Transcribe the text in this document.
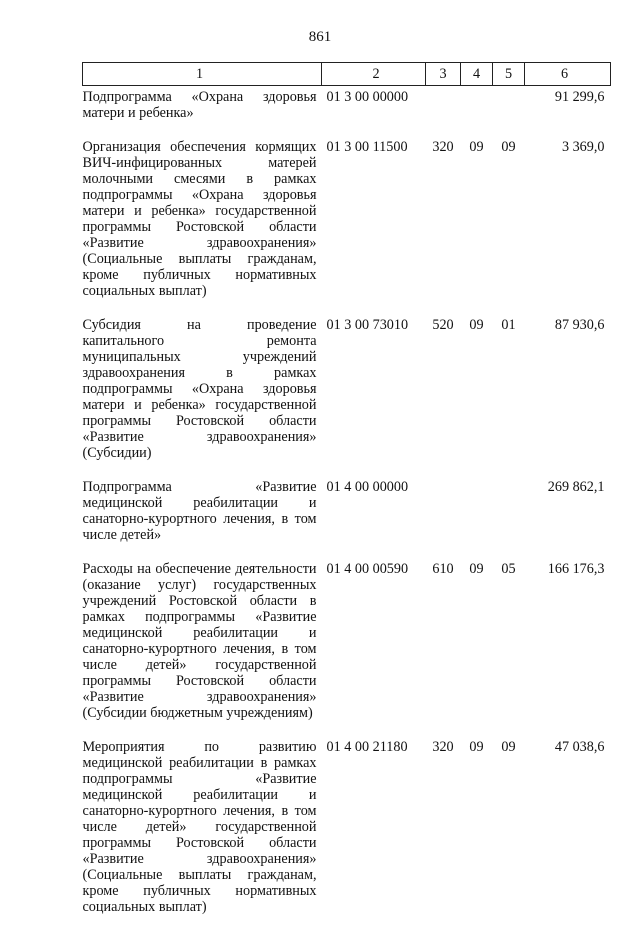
861
1	2	3	4	5	6
Подпрограмма «Охрана здоровья матери и ребенка»	01 3 00 00000				91 299,6
Организация обеспечения кормящих ВИЧ-инфицированных матерей молочными смесями в рамках подпрограммы «Охрана здоровья матери и ребенка» государственной программы Ростовской области «Развитие здравоохранения» (Социальные выплаты гражданам, кроме публичных нормативных социальных выплат)	01 3 00 11500	320	09	09	3 369,0
Субсидия на проведение капитального ремонта муниципальных учреждений здравоохранения в рамках подпрограммы «Охрана здоровья матери и ребенка» государственной программы Ростовской области «Развитие здравоохранения» (Субсидии)	01 3 00 73010	520	09	01	87 930,6
Подпрограмма «Развитие медицинской реабилитации и санаторно-курортного лечения, в том числе детей»	01 4 00 00000				269 862,1
Расходы на обеспечение деятельности (оказание услуг) государственных учреждений Ростовской области в рамках подпрограммы «Развитие медицинской реабилитации и санаторно-курортного лечения, в том числе детей» государственной программы Ростовской области «Развитие здравоохранения» (Субсидии бюджетным учреждениям)	01 4 00 00590	610	09	05	166 176,3
Мероприятия по развитию медицинской реабилитации в рамках подпрограммы «Развитие медицинской реабилитации и санаторно-курортного лечения, в том числе детей» государственной программы Ростовской области «Развитие здравоохранения» (Социальные выплаты гражданам, кроме публичных нормативных социальных выплат)	01 4 00 21180	320	09	09	47 038,6
